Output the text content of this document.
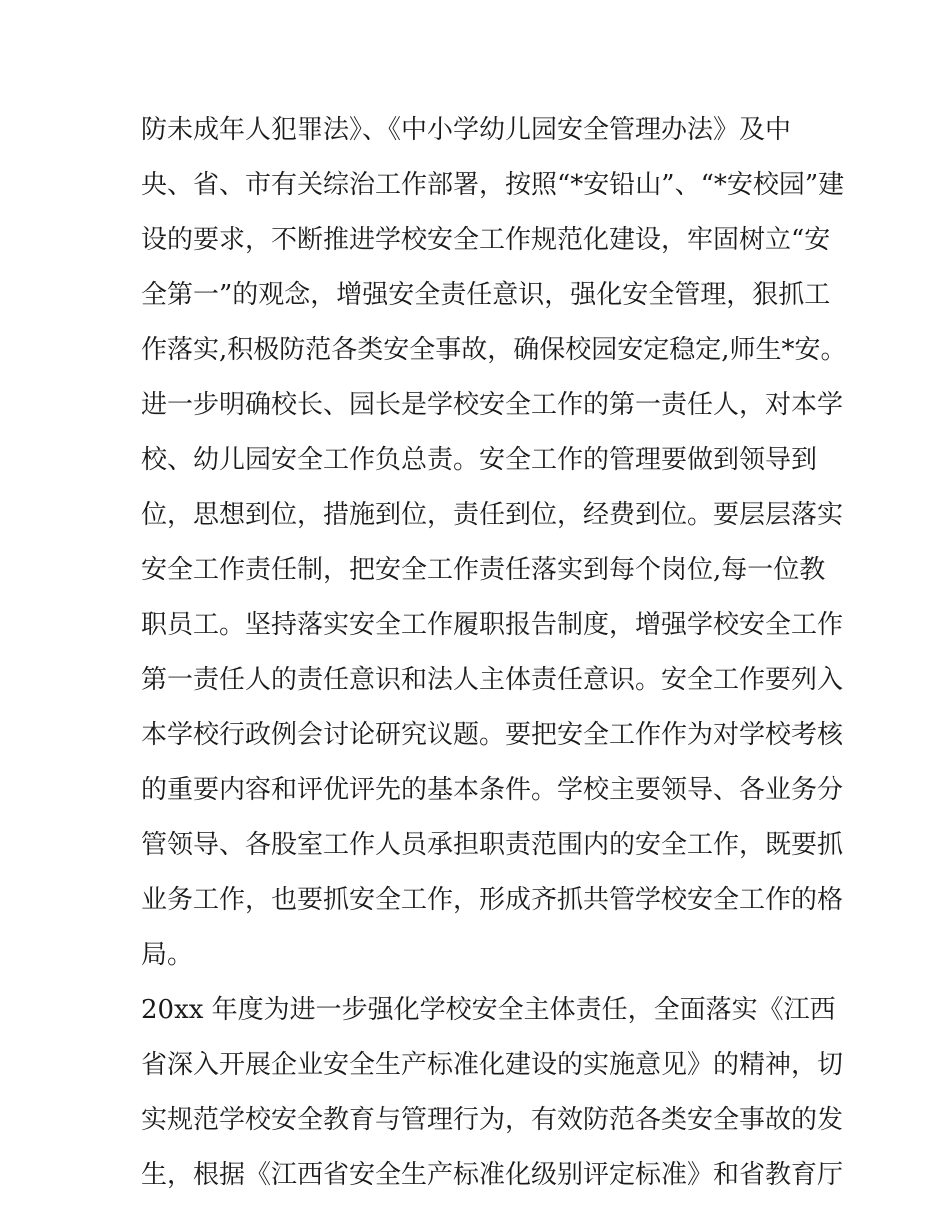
防未成年人犯罪法》、《中小学幼儿园安全管理办法》及中
央、省、市有关综治工作部署，按照“*安铅山”、“*安校园”建
设的要求，不断推进学校安全工作规范化建设，牢固树立“安
全第一”的观念，增强安全责任意识，强化安全管理，狠抓工
作落实,积极防范各类安全事故，确保校园安定稳定,师生*安。
进一步明确校长、园长是学校安全工作的第一责任人，对本学
校、幼儿园安全工作负总责。安全工作的管理要做到领导到
位，思想到位，措施到位，责任到位，经费到位。要层层落实
安全工作责任制，把安全工作责任落实到每个岗位,每一位教
职员工。坚持落实安全工作履职报告制度，增强学校安全工作
第一责任人的责任意识和法人主体责任意识。安全工作要列入
本学校行政例会讨论研究议题。要把安全工作作为对学校考核
的重要内容和评优评先的基本条件。学校主要领导、各业务分
管领导、各股室工作人员承担职责范围内的安全工作，既要抓
业务工作，也要抓安全工作，形成齐抓共管学校安全工作的格
局。
20xx 年度为进一步强化学校安全主体责任，全面落实《江西
省深入开展企业安全生产标准化建设的实施意见》的精神，切
实规范学校安全教育与管理行为，有效防范各类安全事故的发
生，根据《江西省安全生产标准化级别评定标准》和省教育厅
